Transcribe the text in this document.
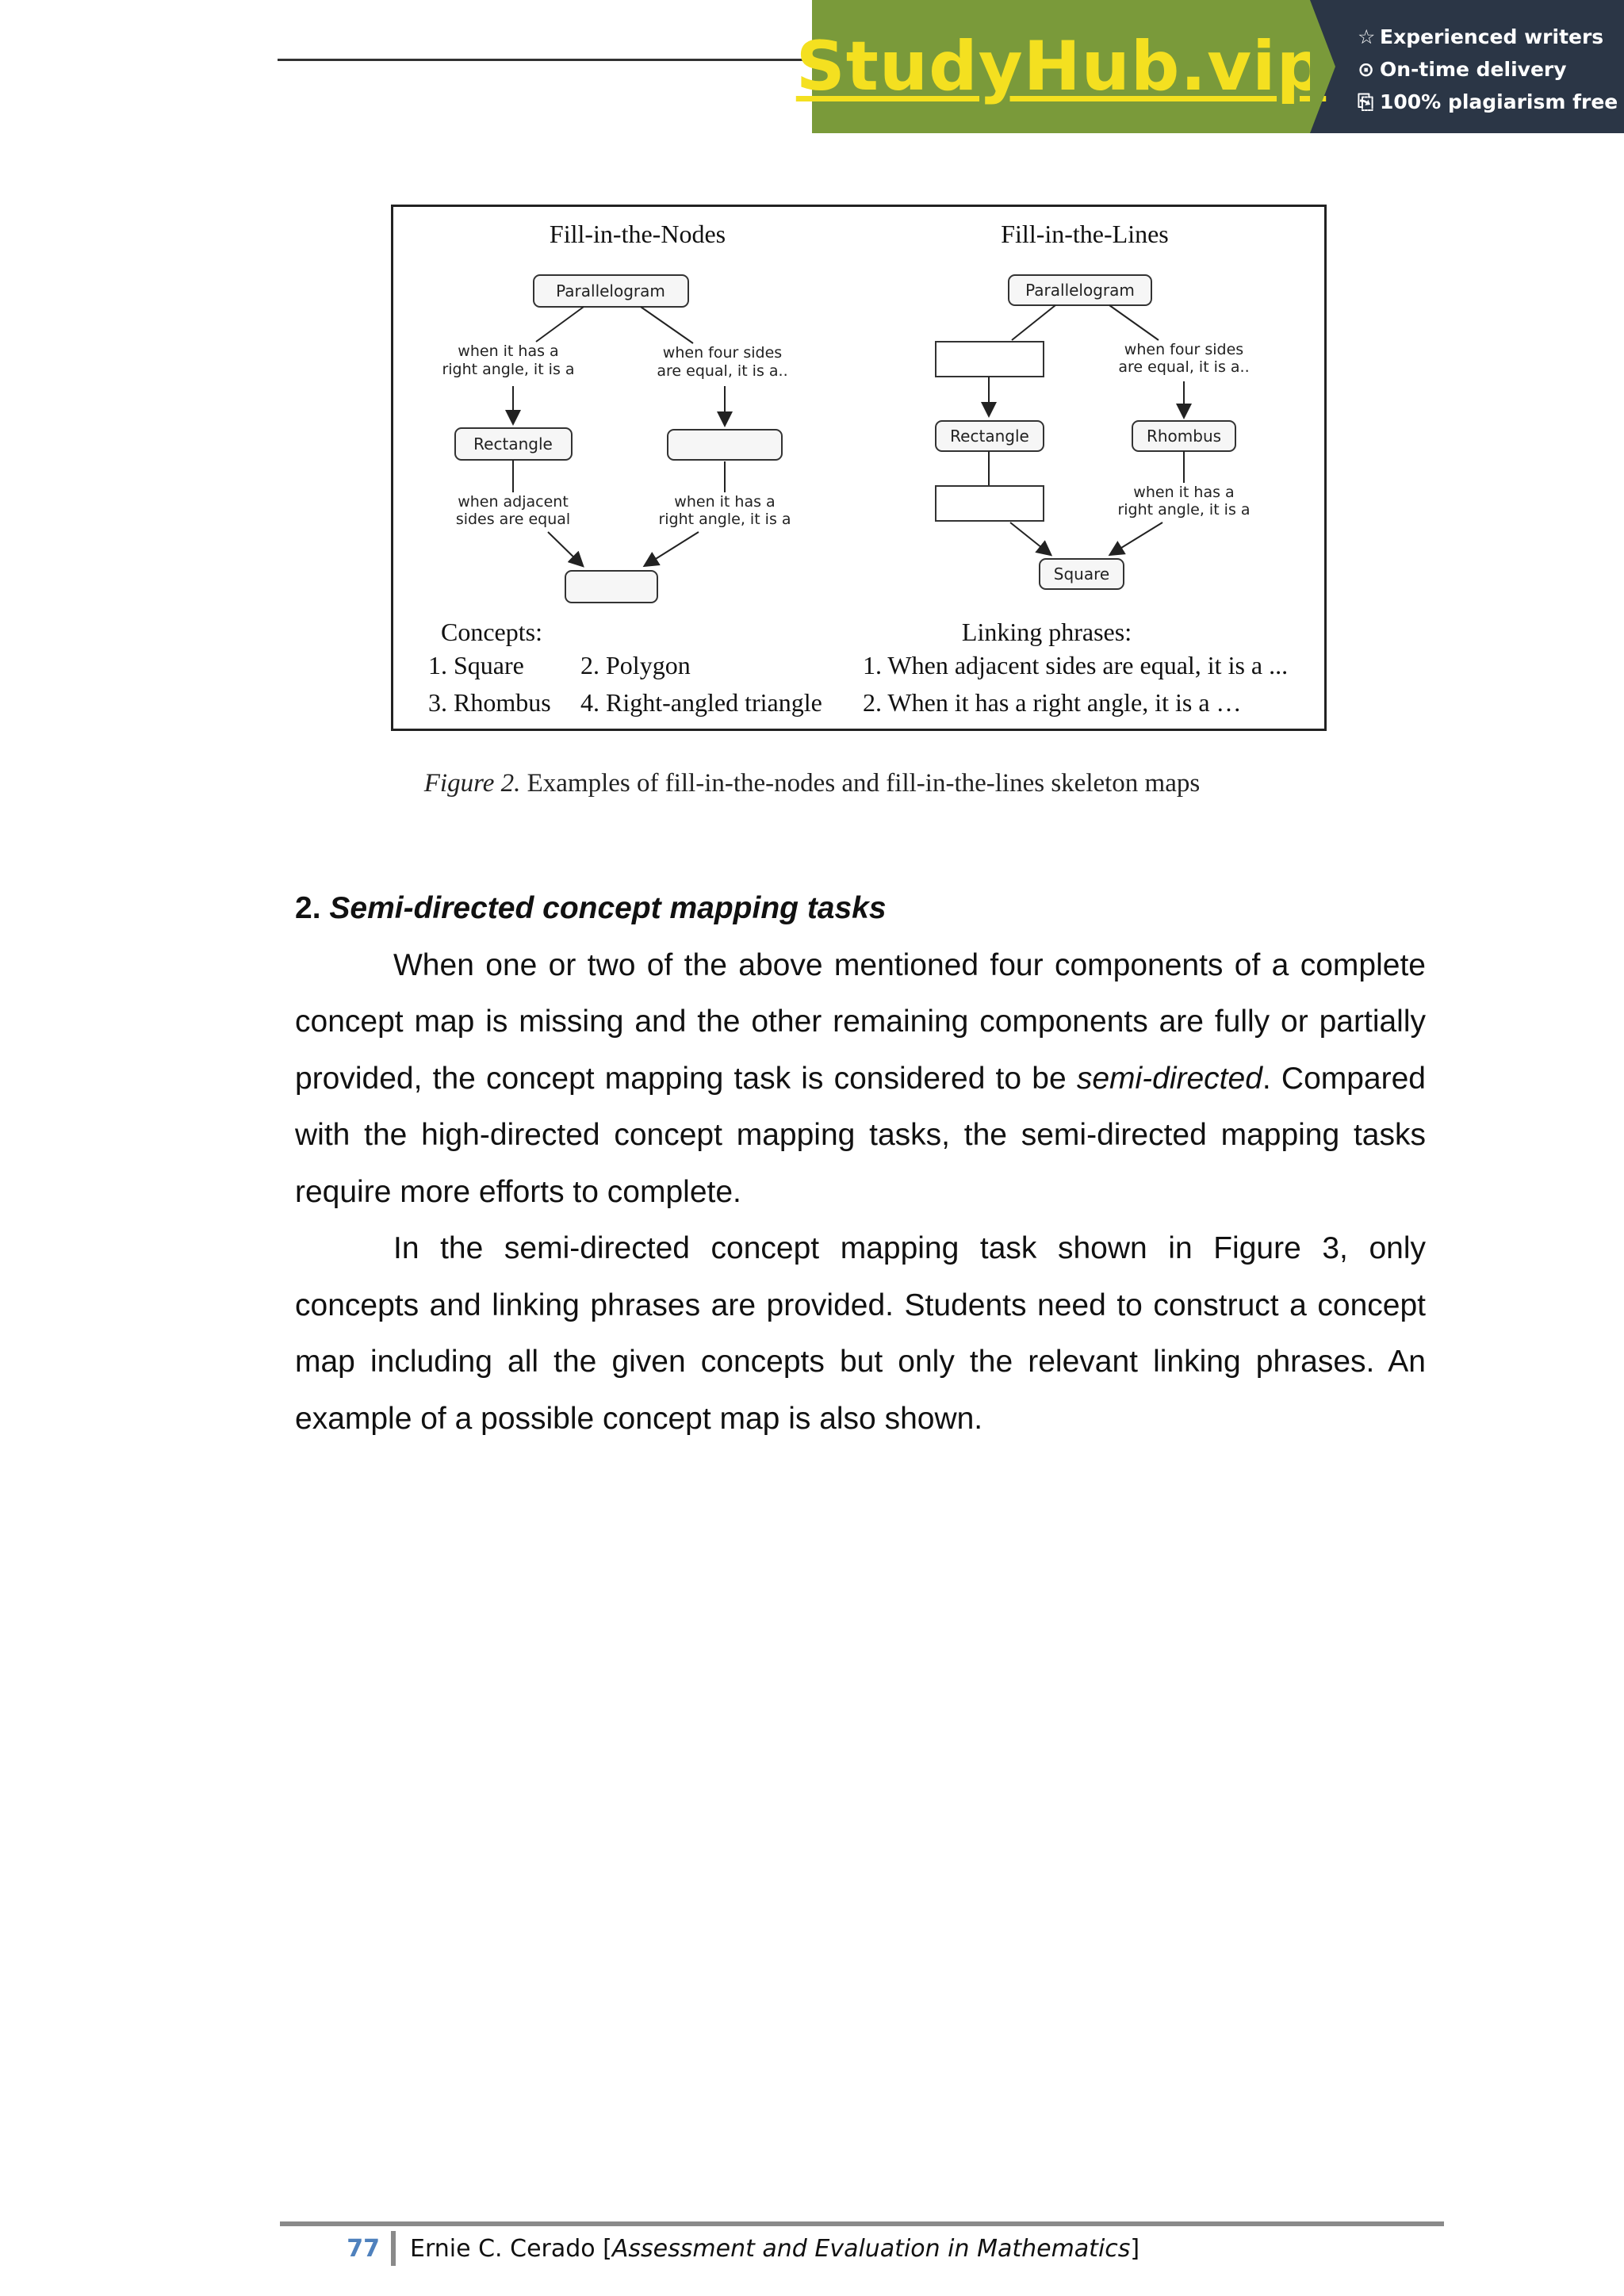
StudyHub.vip ☆ Experienced writers
⊙ On-time delivery
⎘ 100% plagiarism free
Fill-in-the-Nodes	Fill-in-the-Lines
Parallelogram
when it has a
right angle, it is a
when four sides
are equal, it is a..
Rectangle
when adjacent
sides are equal
when it has a
right angle, it is a
Parallelogram
when four sides
are equal, it is a..
Rectangle	Rhombus
when it has a
right angle, it is a
Square
Concepts:
1. Square 2. Polygon
3. Rhombus 4. Right-angled triangle
Linking phrases:
1. When adjacent sides are equal, it is a ...
2. When it has a right angle, it is a …
Figure 2. Examples of fill-in-the-nodes and fill-in-the-lines skeleton maps
2. Semi-directed concept mapping tasks

When one or two of the above mentioned four components of a complete concept map is missing and the other remaining components are fully or partially provided, the concept mapping task is considered to be semi-directed. Compared with the high-directed concept mapping tasks, the semi-directed mapping tasks require more efforts to complete.

In the semi-directed concept mapping task shown in Figure 3, only concepts and linking phrases are provided. Students need to construct a concept map including all the given concepts but only the relevant linking phrases. An example of a possible concept map is also shown.

77	Ernie C. Cerado [ Assessment and Evaluation in Mathematics ]
